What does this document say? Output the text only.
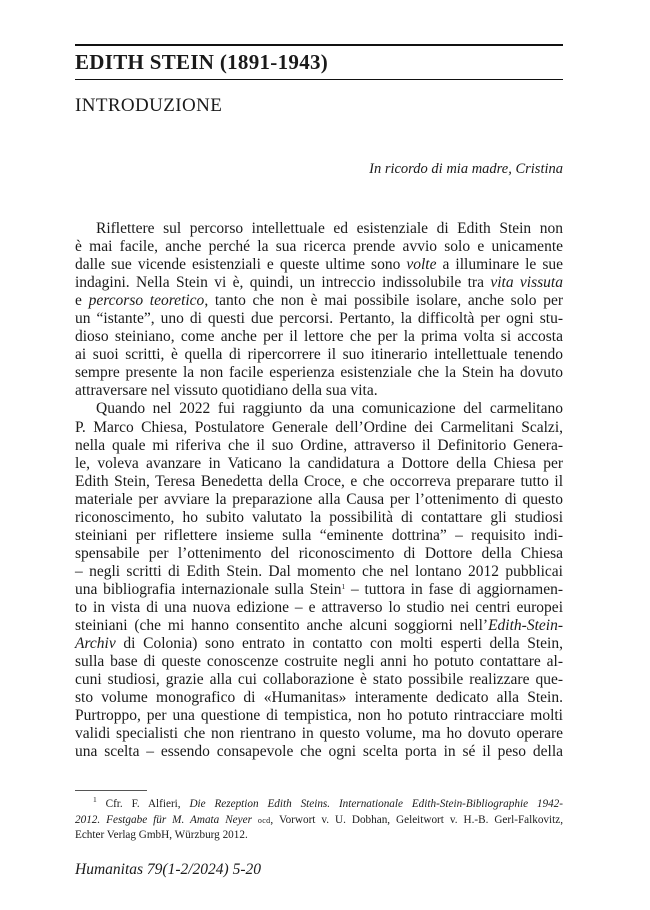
EDITH STEIN (1891-1943)
INTRODUZIONE
In ricordo di mia madre, Cristina
Riflettere sul percorso intellettuale ed esistenziale di Edith Stein non
è mai facile, anche perché la sua ricerca prende avvio solo e unicamente
dalle sue vicende esistenziali e queste ultime sono volte a illuminare le sue
indagini. Nella Stein vi è, quindi, un intreccio indissolubile tra vita vissuta
e percorso teoretico, tanto che non è mai possibile isolare, anche solo per
un “istante”, uno di questi due percorsi. Pertanto, la difficoltà per ogni stu-
dioso steiniano, come anche per il lettore che per la prima volta si accosta
ai suoi scritti, è quella di ripercorrere il suo itinerario intellettuale tenendo
sempre presente la non facile esperienza esistenziale che la Stein ha dovuto
attraversare nel vissuto quotidiano della sua vita.
Quando nel 2022 fui raggiunto da una comunicazione del carmelitano
P. Marco Chiesa, Postulatore Generale dell’Ordine dei Carmelitani Scalzi,
nella quale mi riferiva che il suo Ordine, attraverso il Definitorio Genera-
le, voleva avanzare in Vaticano la candidatura a Dottore della Chiesa per
Edith Stein, Teresa Benedetta della Croce, e che occorreva preparare tutto il
materiale per avviare la preparazione alla Causa per l’ottenimento di questo
riconoscimento, ho subito valutato la possibilità di contattare gli studiosi
steiniani per riflettere insieme sulla “eminente dottrina” – requisito indi-
spensabile per l’ottenimento del riconoscimento di Dottore della Chiesa
– negli scritti di Edith Stein. Dal momento che nel lontano 2012 pubblicai
una bibliografia internazionale sulla Stein$^1$ – tuttora in fase di aggiornamen-
to in vista di una nuova edizione – e attraverso lo studio nei centri europei
steiniani (che mi hanno consentito anche alcuni soggiorni nell’Edith-Stein-
Archiv di Colonia) sono entrato in contatto con molti esperti della Stein,
sulla base di queste conoscenze costruite negli anni ho potuto contattare al-
cuni studiosi, grazie alla cui collaborazione è stato possibile realizzare que-
sto volume monografico di «Humanitas» interamente dedicato alla Stein.
Purtroppo, per una questione di tempistica, non ho potuto rintracciare molti
validi specialisti che non rientrano in questo volume, ma ho dovuto operare
una scelta – essendo consapevole che ogni scelta porta in sé il peso della
$^1$ Cfr. F. Alfieri, Die Rezeption Edith Steins. Internationale Edith-Stein-Bibliographie 1942-
2012. Festgabe für M. Amata Neyer ocd, Vorwort v. U. Dobhan, Geleitwort v. H.-B. Gerl-Falkovitz,
Echter Verlag GmbH, Würzburg 2012.
Humanitas 79(1-2/2024) 5-20
